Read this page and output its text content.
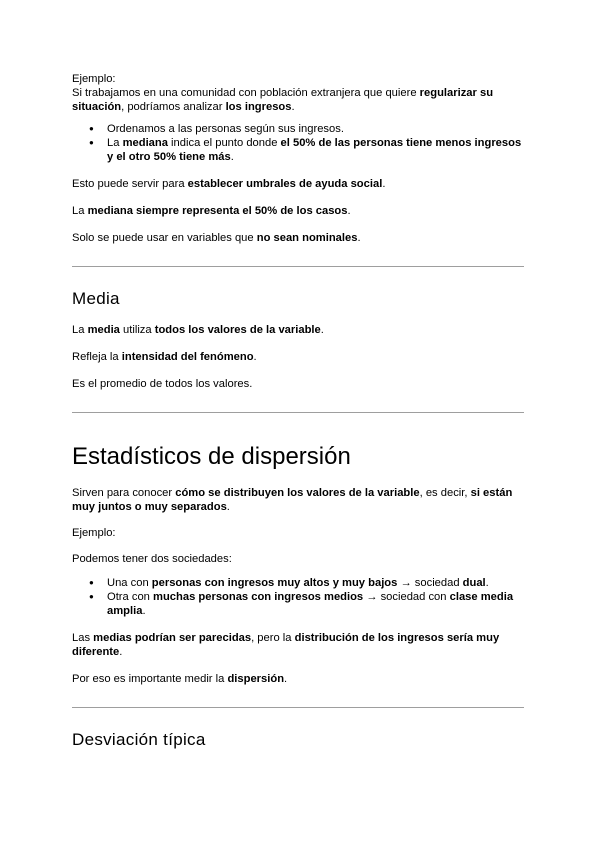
Ejemplo:

Si trabajamos en una comunidad con población extranjera que quiere regularizar su situación, podríamos analizar los ingresos.

● Ordenamos a las personas según sus ingresos.
● La mediana indica el punto donde el 50% de las personas tiene menos ingresos y el otro 50% tiene más.

Esto puede servir para establecer umbrales de ayuda social.

La mediana siempre representa el 50% de los casos.

Solo se puede usar en variables que no sean nominales.

Media

La media utiliza todos los valores de la variable.

Refleja la intensidad del fenómeno.

Es el promedio de todos los valores.

Estadísticos de dispersión

Sirven para conocer cómo se distribuyen los valores de la variable, es decir, si están muy juntos o muy separados.

Ejemplo:

Podemos tener dos sociedades:

● Una con personas con ingresos muy altos y muy bajos → sociedad dual.
● Otra con muchas personas con ingresos medios → sociedad con clase media amplia.

Las medias podrían ser parecidas, pero la distribución de los ingresos sería muy diferente.

Por eso es importante medir la dispersión.

Desviación típica
